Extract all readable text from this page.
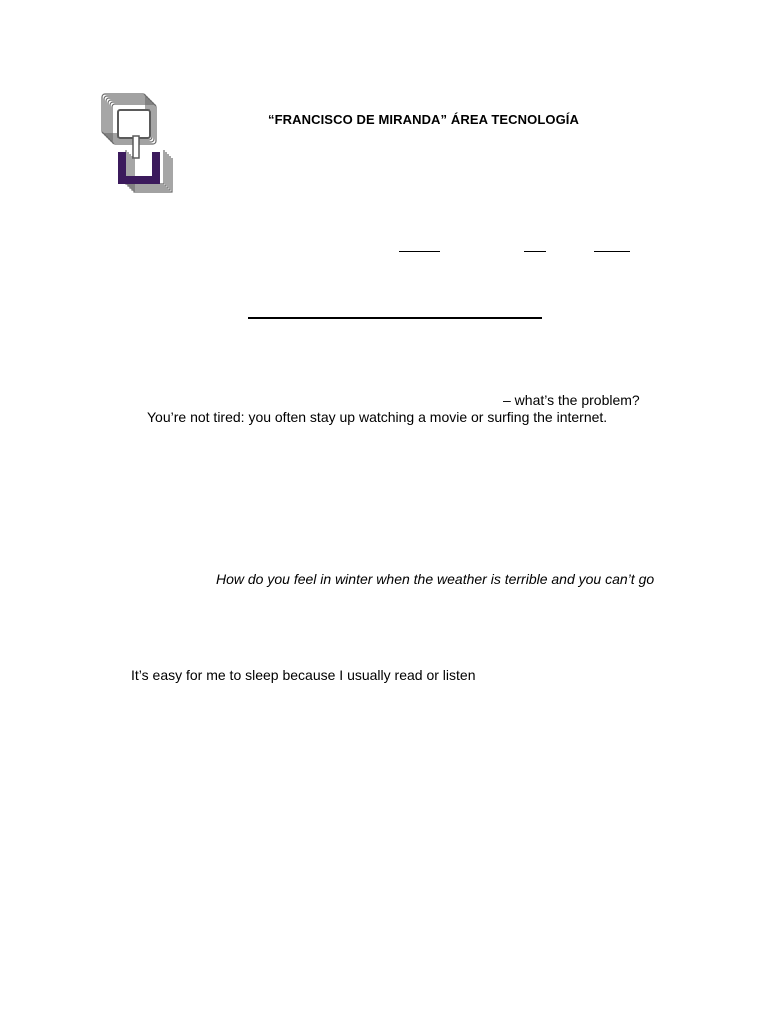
“FRANCISCO DE MIRANDA” ÁREA TECNOLOGÍA
– what’s the problem?
You’re not tired: you often stay up watching a movie or surfing the internet.
How do you feel in winter when the weather is terrible and you can’t go
It’s easy for me to sleep because I usually read or listen
